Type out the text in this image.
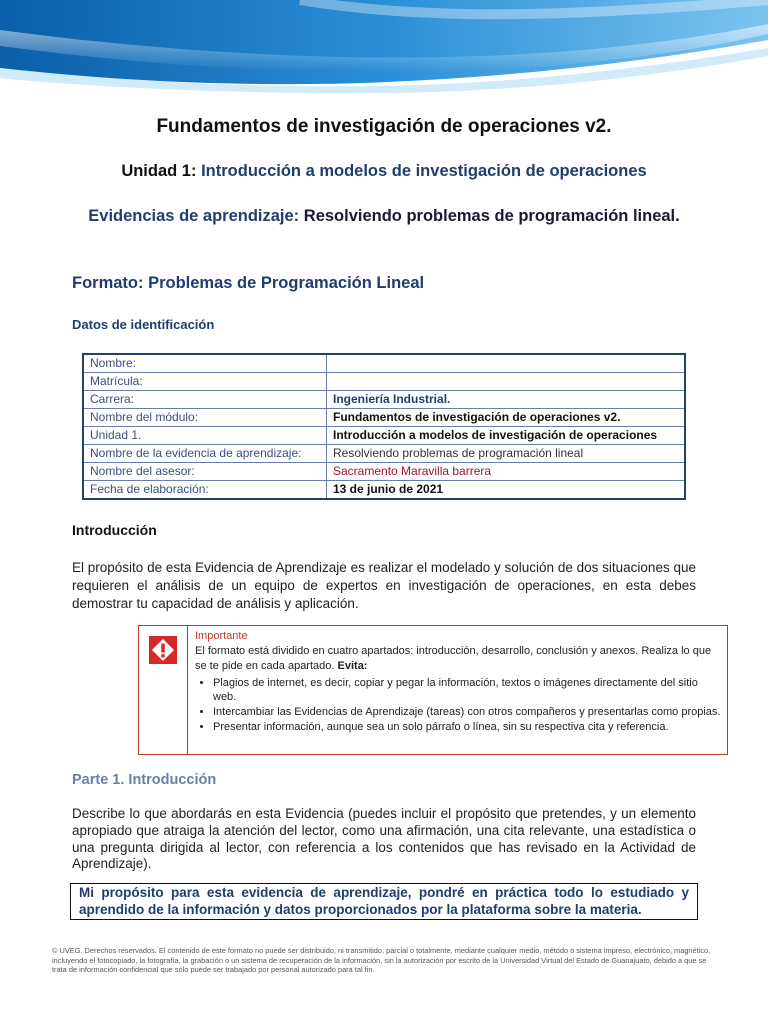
Fundamentos de investigación de operaciones v2.
Unidad 1: Introducción a modelos de investigación de operaciones
Evidencias de aprendizaje: Resolviendo problemas de programación lineal.
Formato: Problemas de Programación Lineal
Datos de identificación
Nombre:	
Matrícula:	
Carrera:	Ingeniería Industrial.
Nombre del módulo:	Fundamentos de investigación de operaciones v2.
Unidad 1.	Introducción a modelos de investigación de operaciones
Nombre de la evidencia de aprendizaje:	Resolviendo problemas de programación lineal
Nombre del asesor:	Sacramento Maravilla barrera
Fecha de elaboración:	13 de junio de 2021
Introducción
El propósito de esta Evidencia de Aprendizaje es realizar el modelado y solución de dos situaciones que requieren el análisis de un equipo de expertos en investigación de operaciones, en esta debes demostrar tu capacidad de análisis y aplicación.
Importante
El formato está dividido en cuatro apartados: introducción, desarrollo, conclusión y anexos. Realiza lo que se te pide en cada apartado. Evita:
• Plagios de internet, es decir, copiar y pegar la información, textos o imágenes directamente del sitio web.
• Intercambiar las Evidencias de Aprendizaje (tareas) con otros compañeros y presentarlas como propias.
• Presentar información, aunque sea un solo párrafo o línea, sin su respectiva cita y referencia.
Parte 1. Introducción
Describe lo que abordarás en esta Evidencia (puedes incluir el propósito que pretendes, y un elemento apropiado que atraiga la atención del lector, como una afirmación, una cita relevante, una estadística o una pregunta dirigida al lector, con referencia a los contenidos que has revisado en la Actividad de Aprendizaje).
Mi propósito para esta evidencia de aprendizaje, pondré en práctica todo lo estudiado y aprendido de la información y datos proporcionados por la plataforma sobre la materia.
© UVEG. Derechos reservados. El contenido de este formato no puede ser distribuido, ni transmitido, parcial o totalmente, mediante cualquier medio, método o sistema impreso, electrónico, magnético, incluyendo el fotocopiado, la fotografía, la grabación o un sistema de recuperación de la información, sin la autorización por escrito de la Universidad Virtual del Estado de Guanajuato, debido a que se trata de información confidencial que sólo puede ser trabajado por personal autorizado para tal fin.
